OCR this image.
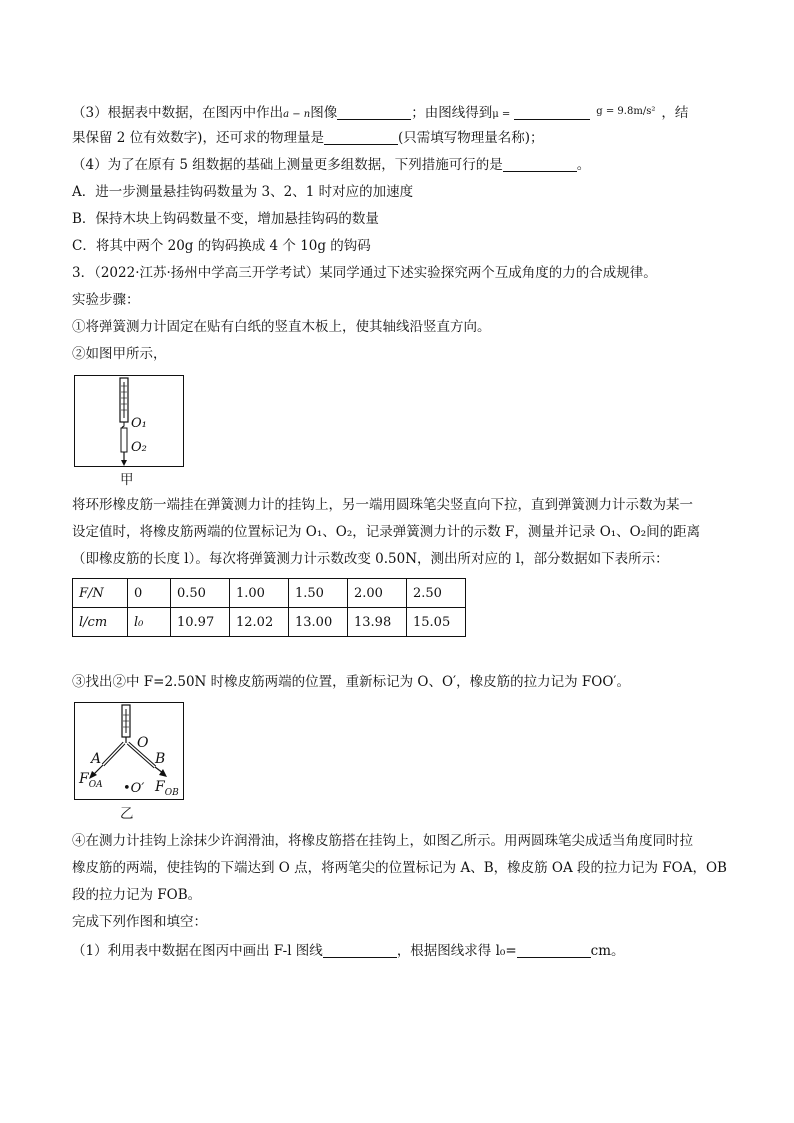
（3）根据表中数据，在图丙中作出a − n图像	；由图线得到μ =	$^{g = 9.8m/s^2}$ ，结
果保留 2 位有效数字)，还可求的物理量是	(只需填写物理量名称)；
（4）为了在原有 5 组数据的基础上测量更多组数据，下列措施可行的是	。
A．进一步测量悬挂钩码数量为 3、2、1 时对应的加速度
B．保持木块上钩码数量不变，增加悬挂钩码的数量
C．将其中两个 20g 的钩码换成 4 个 10g 的钩码
3．（2022·江苏·扬州中学高三开学考试）某同学通过下述实验探究两个互成角度的力的合成规律。
实验步骤：
①将弹簧测力计固定在贴有白纸的竖直木板上，使其轴线沿竖直方向。
②如图甲所示，
O₁
O₂
甲
将环形橡皮筋一端挂在弹簧测力计的挂钩上，另一端用圆珠笔尖竖直向下拉，直到弹簧测力计示数为某一
设定值时，将橡皮筋两端的位置标记为 O₁、O₂，记录弹簧测力计的示数 F，测量并记录 O₁、O₂间的距离
（即橡皮筋的长度 l）。每次将弹簧测力计示数改变 0.50N，测出所对应的 l，部分数据如下表所示：
F/N	0	0.50	1.00	1.50	2.00	2.50
l/cm	l₀	10.97	12.02	13.00	13.98	15.05
③找出②中 F=2.50N 时橡皮筋两端的位置，重新标记为 O、O′，橡皮筋的拉力记为 FOO′。
O
A	B
$F_{OA}$	$F_{OB}$
•O′
乙
④在测力计挂钩上涂抹少许润滑油，将橡皮筋搭在挂钩上，如图乙所示。用两圆珠笔尖成适当角度同时拉
橡皮筋的两端，使挂钩的下端达到 O 点，将两笔尖的位置标记为 A、B，橡皮筋 OA 段的拉力记为 FOA，OB
段的拉力记为 FOB。
完成下列作图和填空：
（1）利用表中数据在图丙中画出 F-l 图线	，根据图线求得 l₀=	cm。
